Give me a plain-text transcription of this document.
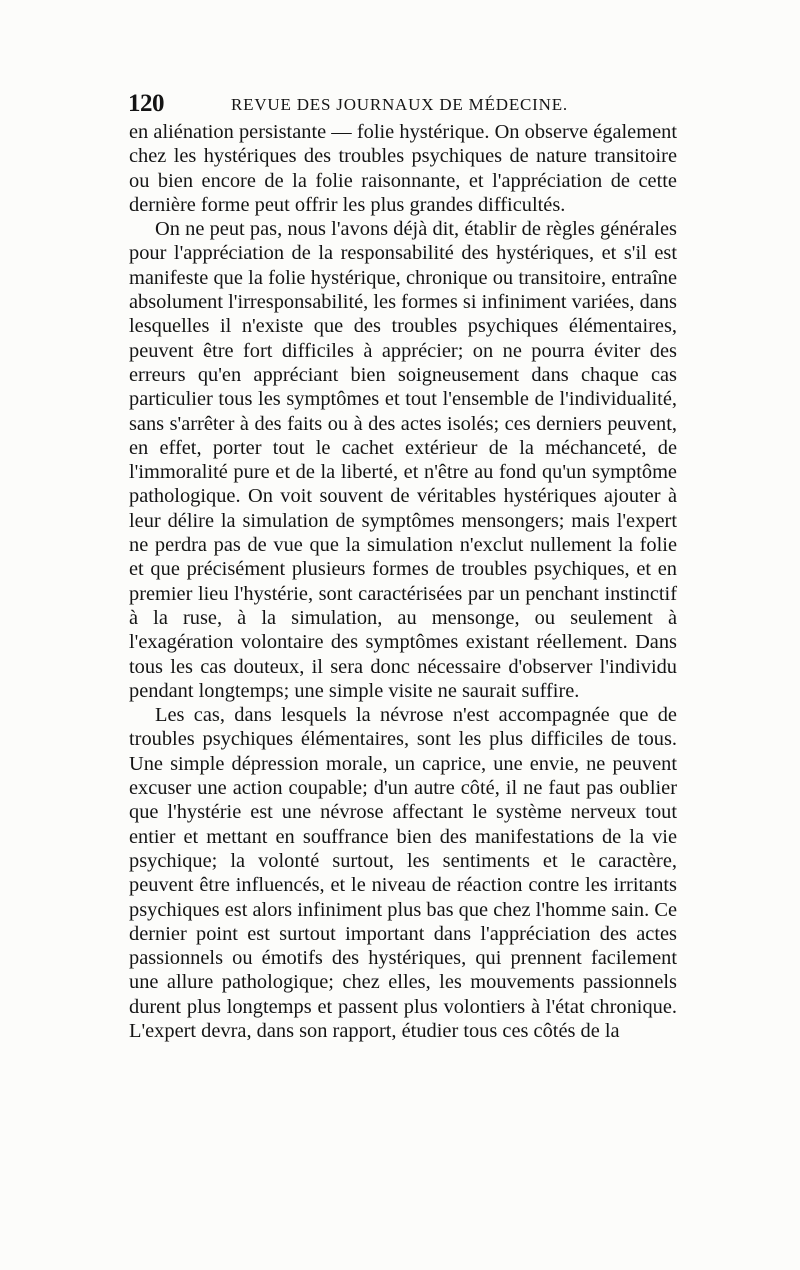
120	REVUE DES JOURNAUX DE MÉDECINE.

en aliénation persistante — folie hystérique. On observe également chez les hystériques des troubles psychiques de nature transitoire ou bien encore de la folie raisonnante, et l'appréciation de cette dernière forme peut offrir les plus grandes difficultés.

On ne peut pas, nous l'avons déjà dit, établir de règles générales pour l'appréciation de la responsabilité des hystériques, et s'il est manifeste que la folie hystérique, chronique ou transitoire, entraîne absolument l'irresponsabilité, les formes si infiniment variées, dans lesquelles il n'existe que des troubles psychiques élémentaires, peuvent être fort difficiles à apprécier; on ne pourra éviter des erreurs qu'en appréciant bien soigneusement dans chaque cas particulier tous les symptômes et tout l'ensemble de l'individualité, sans s'arrêter à des faits ou à des actes isolés; ces derniers peuvent, en effet, porter tout le cachet extérieur de la méchanceté, de l'immoralité pure et de la liberté, et n'être au fond qu'un symptôme pathologique. On voit souvent de véritables hystériques ajouter à leur délire la simulation de symptômes mensongers; mais l'expert ne perdra pas de vue que la simulation n'exclut nullement la folie et que précisément plusieurs formes de troubles psychiques, et en premier lieu l'hystérie, sont caractérisées par un penchant instinctif à la ruse, à la simulation, au mensonge, ou seulement à l'exagération volontaire des symptômes existant réellement. Dans tous les cas douteux, il sera donc nécessaire d'observer l'individu pendant longtemps; une simple visite ne saurait suffire.

Les cas, dans lesquels la névrose n'est accompagnée que de troubles psychiques élémentaires, sont les plus difficiles de tous. Une simple dépression morale, un caprice, une envie, ne peuvent excuser une action coupable; d'un autre côté, il ne faut pas oublier que l'hystérie est une névrose affectant le système nerveux tout entier et mettant en souffrance bien des manifestations de la vie psychique; la volonté surtout, les sentiments et le caractère, peuvent être influencés, et le niveau de réaction contre les irritants psychiques est alors infiniment plus bas que chez l'homme sain. Ce dernier point est surtout important dans l'appréciation des actes passionnels ou émotifs des hystériques, qui prennent facilement une allure pathologique; chez elles, les mouvements passionnels durent plus longtemps et passent plus volontiers à l'état chronique. L'expert devra, dans son rapport, étudier tous ces côtés de la
